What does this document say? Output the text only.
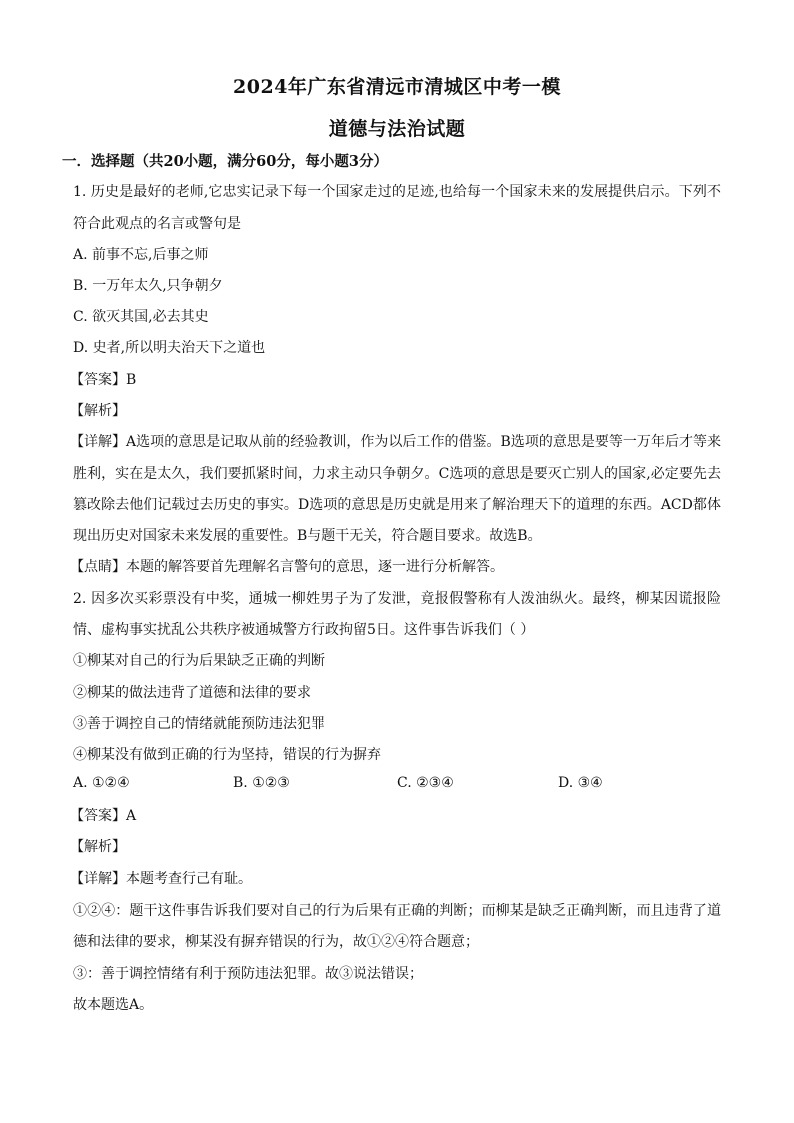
2024年广东省清远市清城区中考一模
道德与法治试题
一．选择题（共20小题，满分60分，每小题3分）
1. 历史是最好的老师,它忠实记录下每一个国家走过的足迹,也给每一个国家未来的发展提供启示。下列不
符合此观点的名言或警句是
A. 前事不忘,后事之师
B. 一万年太久,只争朝夕
C. 欲灭其国,必去其史
D. 史者,所以明夫治天下之道也
【答案】B
【解析】
【详解】A选项的意思是记取从前的经验教训，作为以后工作的借鉴。B选项的意思是要等一万年后才等来
胜利，实在是太久，我们要抓紧时间，力求主动只争朝夕。C选项的意思是要灭亡别人的国家,必定要先去
篡改除去他们记载过去历史的事实。D选项的意思是历史就是用来了解治理天下的道理的东西。ACD都体
现出历史对国家未来发展的重要性。B与题干无关，符合题目要求。故选B。
【点睛】本题的解答要首先理解名言警句的意思，逐一进行分析解答。
2. 因多次买彩票没有中奖，通城一柳姓男子为了发泄，竟报假警称有人泼油纵火。最终，柳某因谎报险
情、虚构事实扰乱公共秩序被通城警方行政拘留5日。这件事告诉我们（ ）
①柳某对自己的行为后果缺乏正确的判断
②柳某的做法违背了道德和法律的要求
③善于调控自己的情绪就能预防违法犯罪
④柳某没有做到正确的行为坚持，错误的行为摒弃
A. ①②④	B. ①②③	C. ②③④	D. ③④
【答案】A
【解析】
【详解】本题考查行己有耻。
①②④：题干这件事告诉我们要对自己的行为后果有正确的判断；而柳某是缺乏正确判断，而且违背了道
德和法律的要求，柳某没有摒弃错误的行为，故①②④符合题意；
③：善于调控情绪有利于预防违法犯罪。故③说法错误；
故本题选A。
